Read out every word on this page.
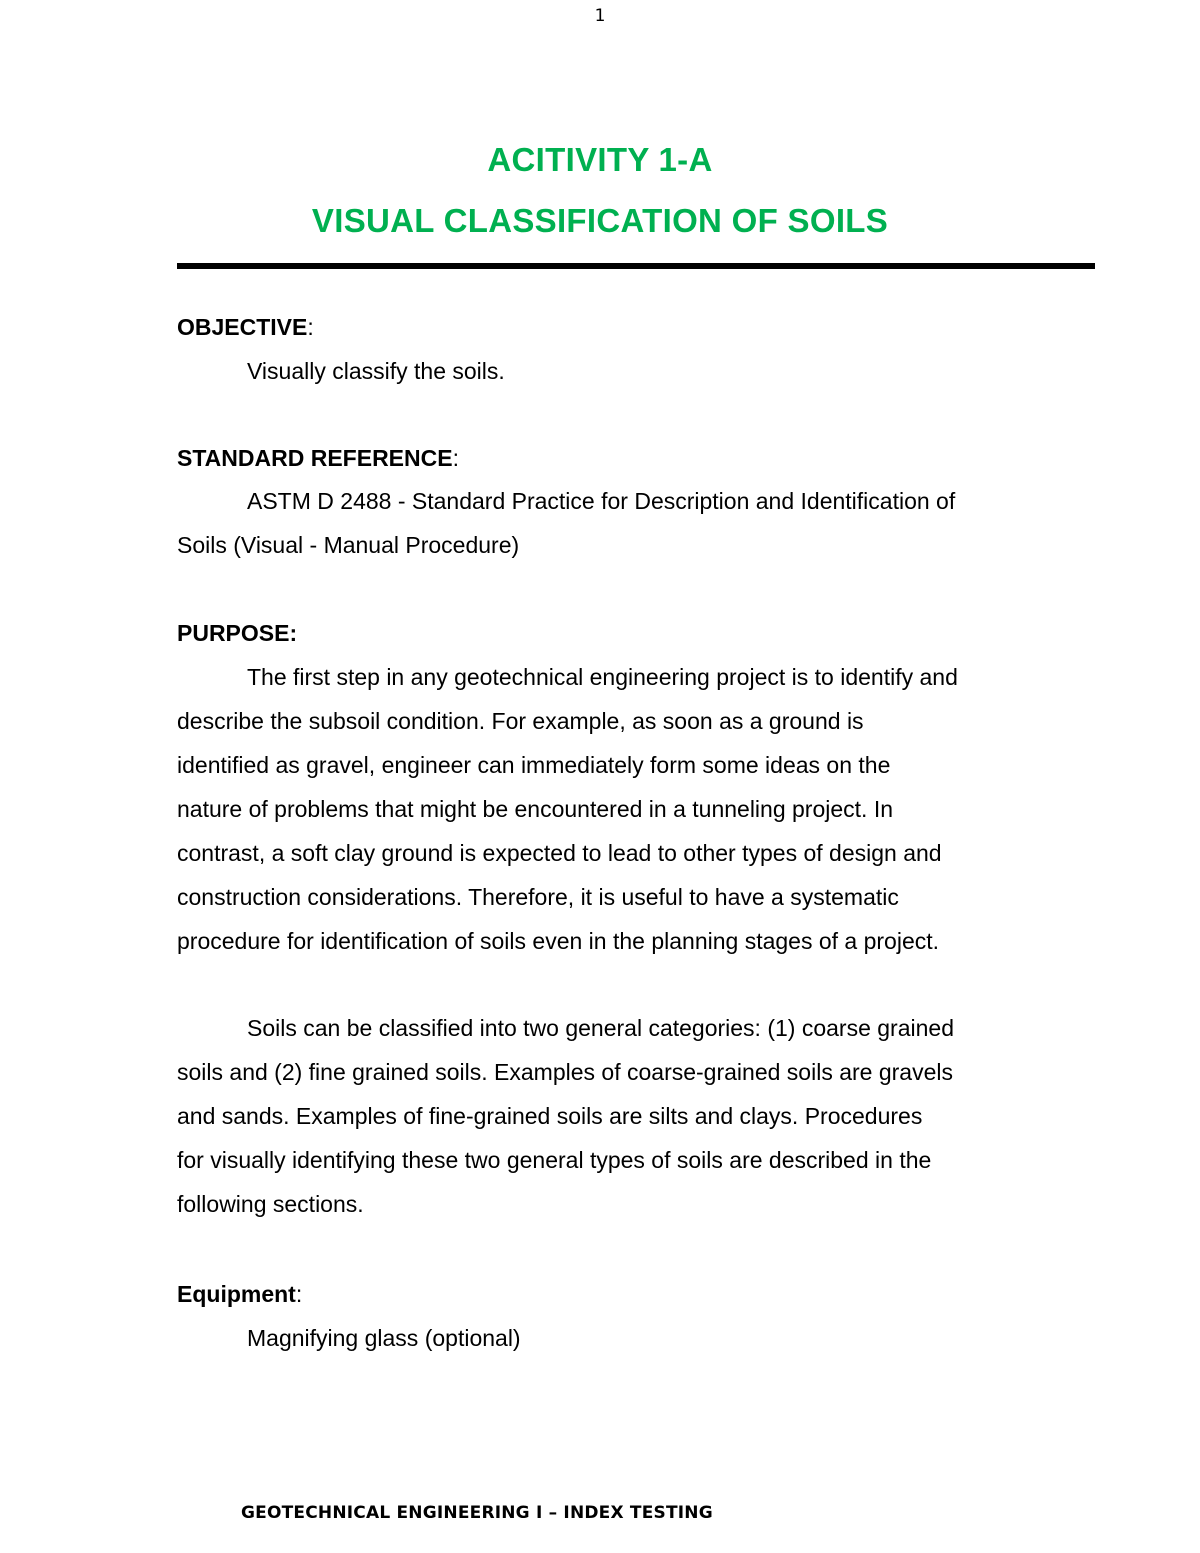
1
ACITIVITY 1-A
VISUAL CLASSIFICATION OF SOILS
OBJECTIVE:
Visually classify the soils.
STANDARD REFERENCE:
ASTM D 2488 - Standard Practice for Description and Identification of
Soils (Visual - Manual Procedure)
PURPOSE:
The first step in any geotechnical engineering project is to identify and
describe the subsoil condition. For example, as soon as a ground is
identified as gravel, engineer can immediately form some ideas on the
nature of problems that might be encountered in a tunneling project. In
contrast, a soft clay ground is expected to lead to other types of design and
construction considerations. Therefore, it is useful to have a systematic
procedure for identification of soils even in the planning stages of a project.
Soils can be classified into two general categories: (1) coarse grained
soils and (2) fine grained soils. Examples of coarse-grained soils are gravels
and sands. Examples of fine-grained soils are silts and clays. Procedures
for visually identifying these two general types of soils are described in the
following sections.
Equipment:
Magnifying glass (optional)
GEOTECHNICAL ENGINEERING I – INDEX TESTING
